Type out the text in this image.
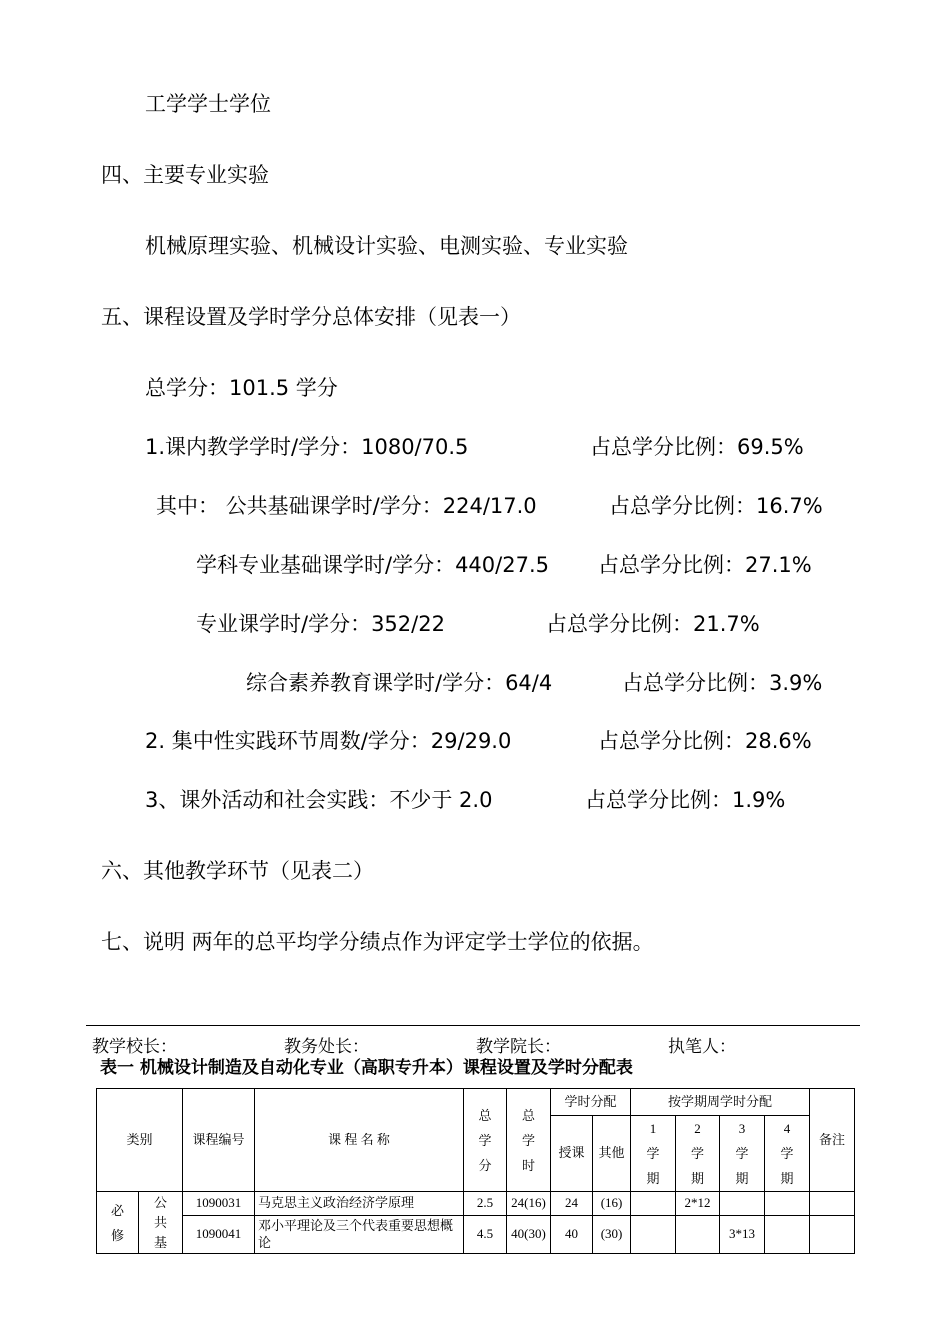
工学学士学位
四、主要专业实验
机械原理实验、机械设计实验、电测实验、专业实验
五、课程设置及学时学分总体安排（见表一）
总学分：101.5 学分
1.课内教学学时/学分：1080/70.5	占总学分比例：69.5%
其中： 公共基础课学时/学分：224/17.0	占总学分比例：16.7%
学科专业基础课学时/学分：440/27.5 占总学分比例：27.1%
专业课学时/学分：352/22	占总学分比例：21.7%
综合素养教育课学时/学分：64/4	占总学分比例：3.9%
2. 集中性实践环节周数/学分：29/29.0	占总学分比例：28.6%
3、课外活动和社会实践：不少于 2.0	占总学分比例：1.9%
六、其他教学环节（见表二）
七、说明 两年的总平均学分绩点作为评定学士学位的依据。
教学校长：	教务处长：	教学院长：	执笔人：
表一 机械设计制造及自动化专业（高职专升本）课程设置及学时分配表
类别		课程编号	课 程 名 称	总学分	总学时	学时分配		按学期周学时分配				备注
						授课	其他	1学期	2学期	3学期	4学期	
必修	公共基	1090031	马克思主义政治经济学原理	2.5	24(16)	24	(16)		2*12			
		1090041	邓小平理论及三个代表重要思想概论	4.5	40(30)	40	(30)			3*13		
